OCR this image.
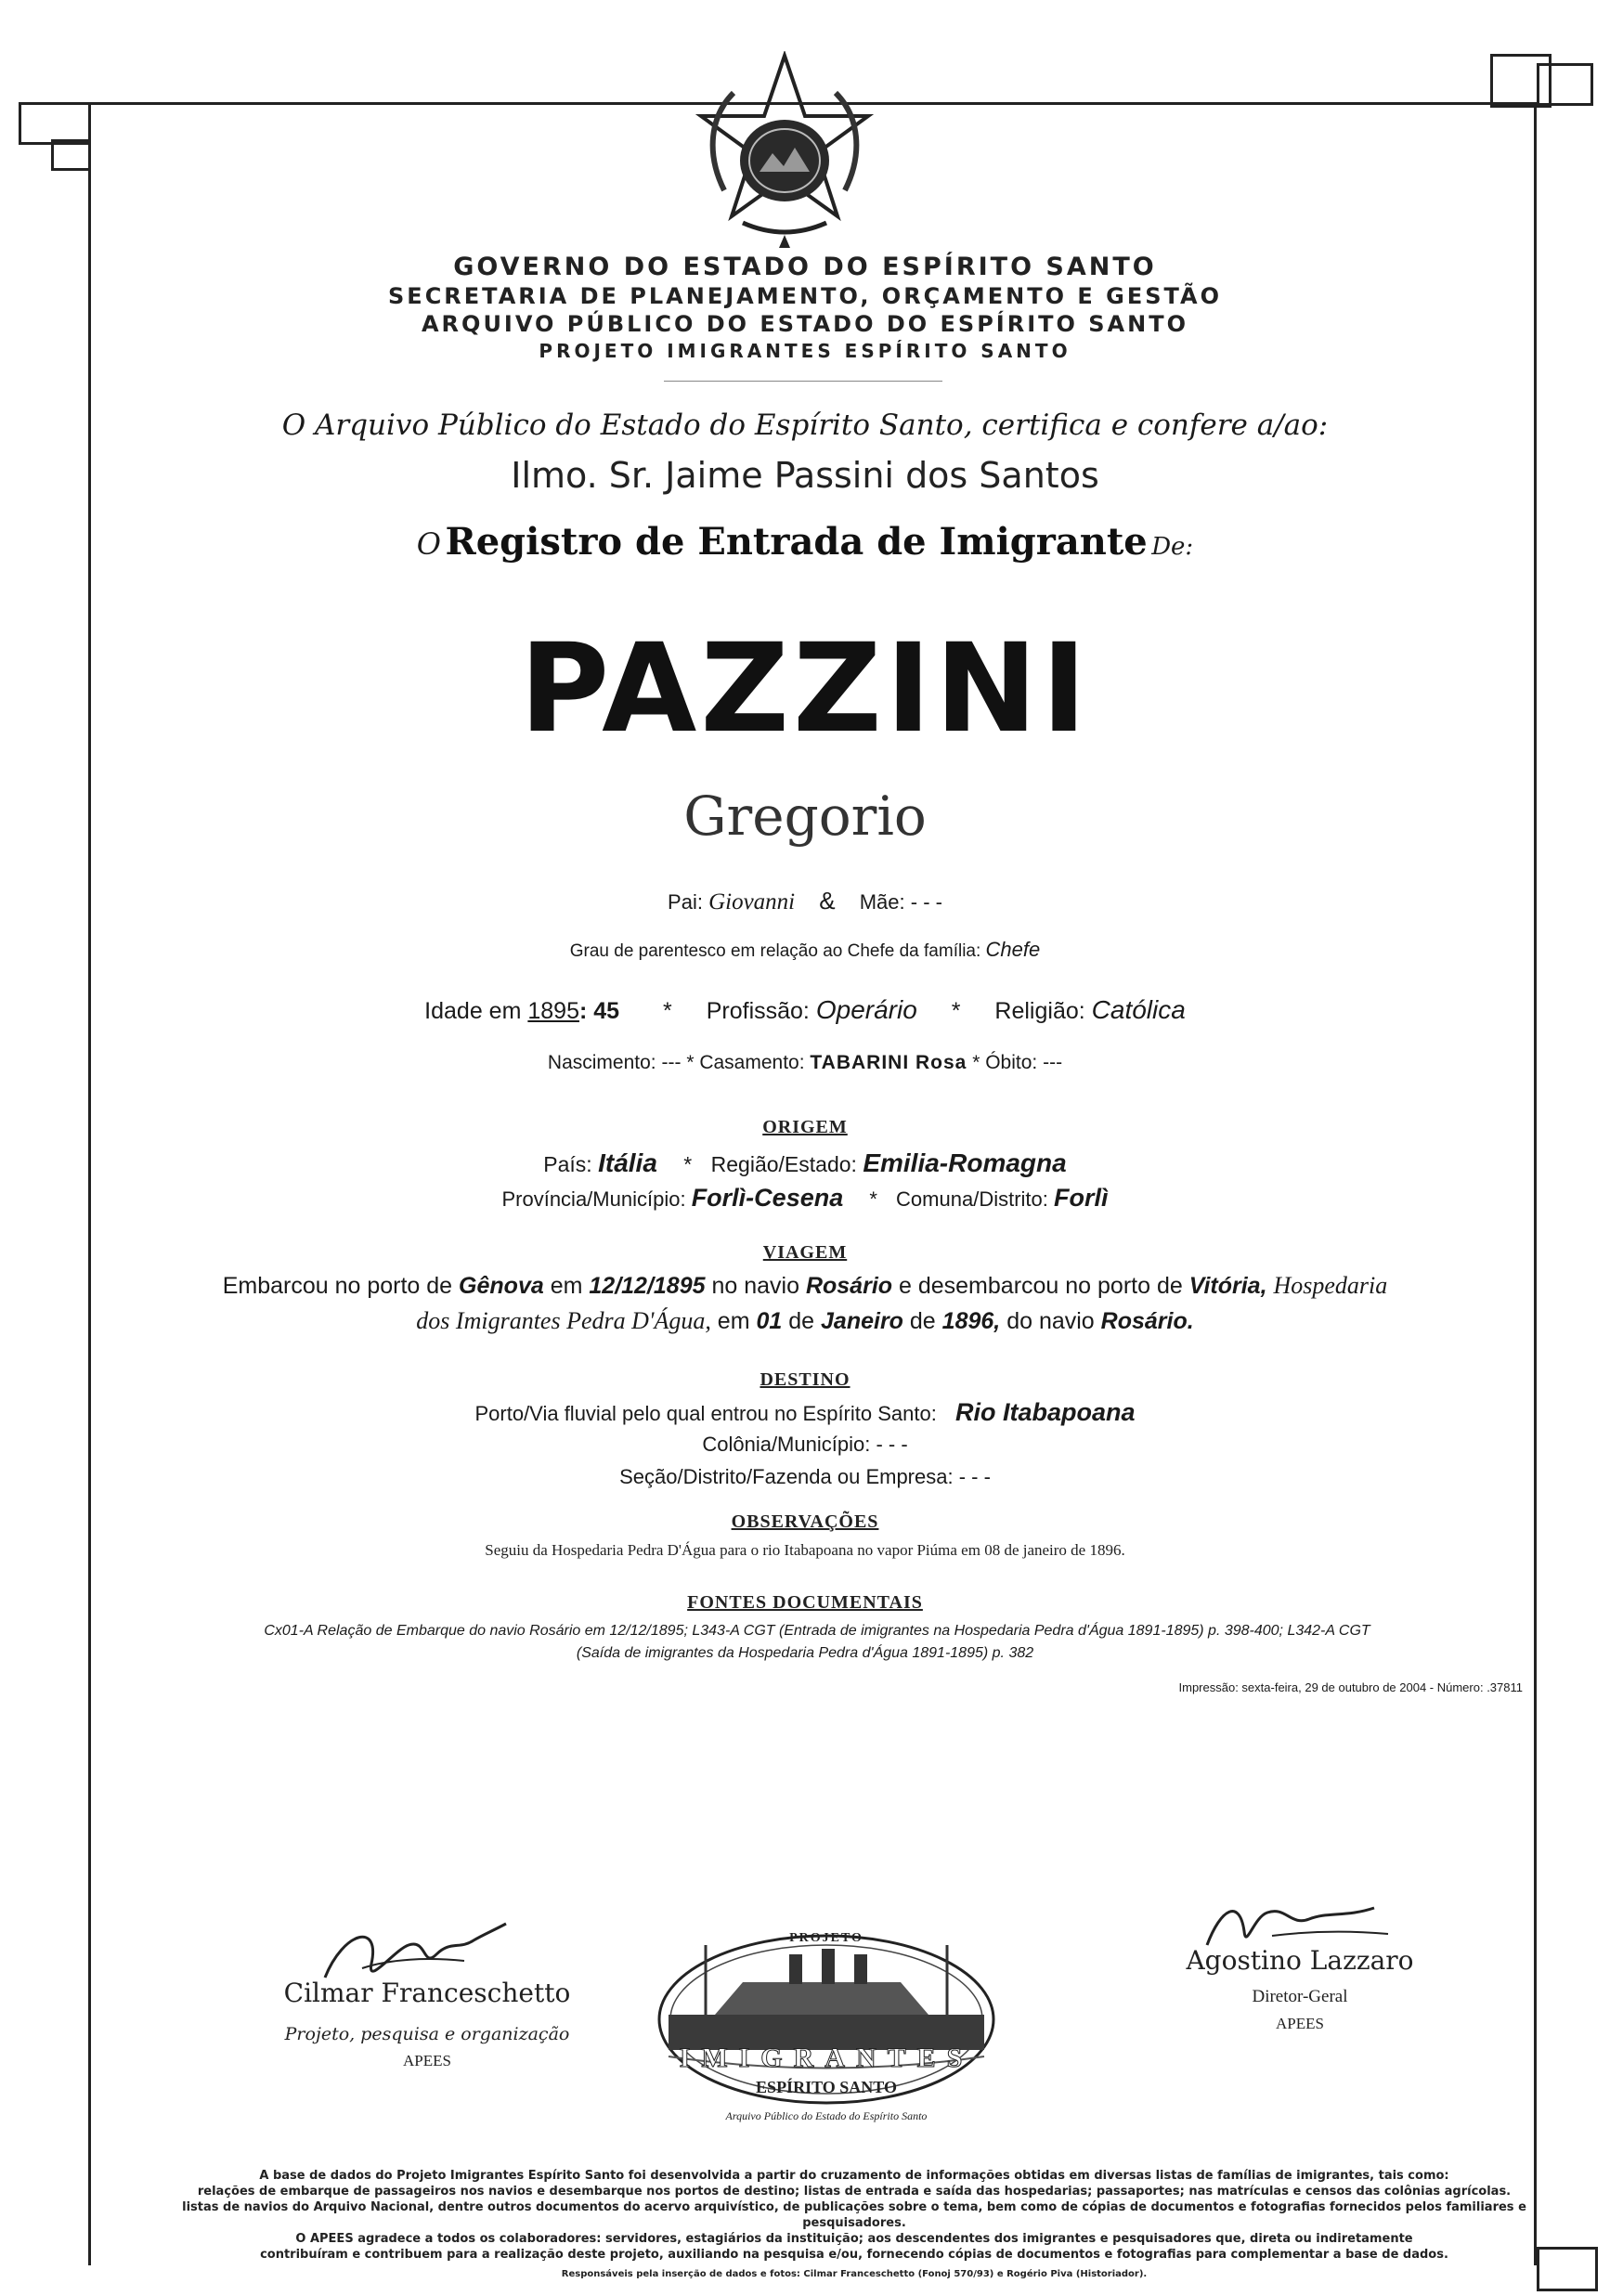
GOVERNO DO ESTADO DO ESPÍRITO SANTO
SECRETARIA DE PLANEJAMENTO, ORÇAMENTO E GESTÃO
ARQUIVO PÚBLICO DO ESTADO DO ESPÍRITO SANTO
PROJETO IMIGRANTES ESPÍRITO SANTO
O Arquivo Público do Estado do Espírito Santo, certifica e confere a/ao:
Ilmo. Sr. Jaime Passini dos Santos
O Registro de Entrada de Imigrante De:
PAZZINI
Gregorio
Pai: Giovanni & Mãe: - - -
Grau de parentesco em relação ao Chefe da família: Chefe
Idade em 1895: 45 * Profissão: Operário * Religião: Católica
Nascimento: --- * Casamento: TABARINI Rosa * Óbito: ---
ORIGEM
País: Itália * Região/Estado: Emilia-Romagna
Província/Município: Forlì-Cesena * Comuna/Distrito: Forlì
VIAGEM
Embarcou no porto de Gênova em 12/12/1895 no navio Rosário e desembarcou no porto de Vitória, Hospedaria
dos Imigrantes Pedra D'Água, em 01 de Janeiro de 1896, do navio Rosário.
DESTINO
Porto/Via fluvial pelo qual entrou no Espírito Santo: Rio Itabapoana
Colônia/Município: - - -
Seção/Distrito/Fazenda ou Empresa: - - -
OBSERVAÇÕES
Seguiu da Hospedaria Pedra D'Água para o rio Itabapoana no vapor Piúma em 08 de janeiro de 1896.
FONTES DOCUMENTAIS
Cx01-A Relação de Embarque do navio Rosário em 12/12/1895; L343-A CGT (Entrada de imigrantes na Hospedaria Pedra d'Água 1891-1895) p. 398-400; L342-A CGT
(Saída de imigrantes da Hospedaria Pedra d'Água 1891-1895) p. 382
Impressão: sexta-feira, 29 de outubro de 2004 - Número: .37811
Cilmar Franceschetto
Projeto, pesquisa e organização
APEES
PROJETO
IMIGRANTES
ESPÍRITO SANTO
Arquivo Público do Estado do Espírito Santo
Agostino Lazzaro
Diretor-Geral
APEES
A base de dados do Projeto Imigrantes Espírito Santo foi desenvolvida a partir do cruzamento de informações obtidas em diversas listas de famílias de imigrantes, tais como:
relações de embarque de passageiros nos navios e desembarque nos portos de destino; listas de entrada e saída das hospedarias; passaportes; nas matrículas e censos das colônias agrícolas.
listas de navios do Arquivo Nacional, dentre outros documentos do acervo arquivístico, de publicações sobre o tema, bem como de cópias de documentos e fotografias fornecidos pelos familiares e pesquisadores.
O APEES agradece a todos os colaboradores: servidores, estagiários da instituição; aos descendentes dos imigrantes e pesquisadores que, direta ou indiretamente
contribuíram e contribuem para a realização deste projeto, auxiliando na pesquisa e/ou, fornecendo cópias de documentos e fotografias para complementar a base de dados.
Responsáveis pela inserção de dados e fotos: Cilmar Franceschetto (Fonoj 570/93) e Rogério Piva (Historiador).
